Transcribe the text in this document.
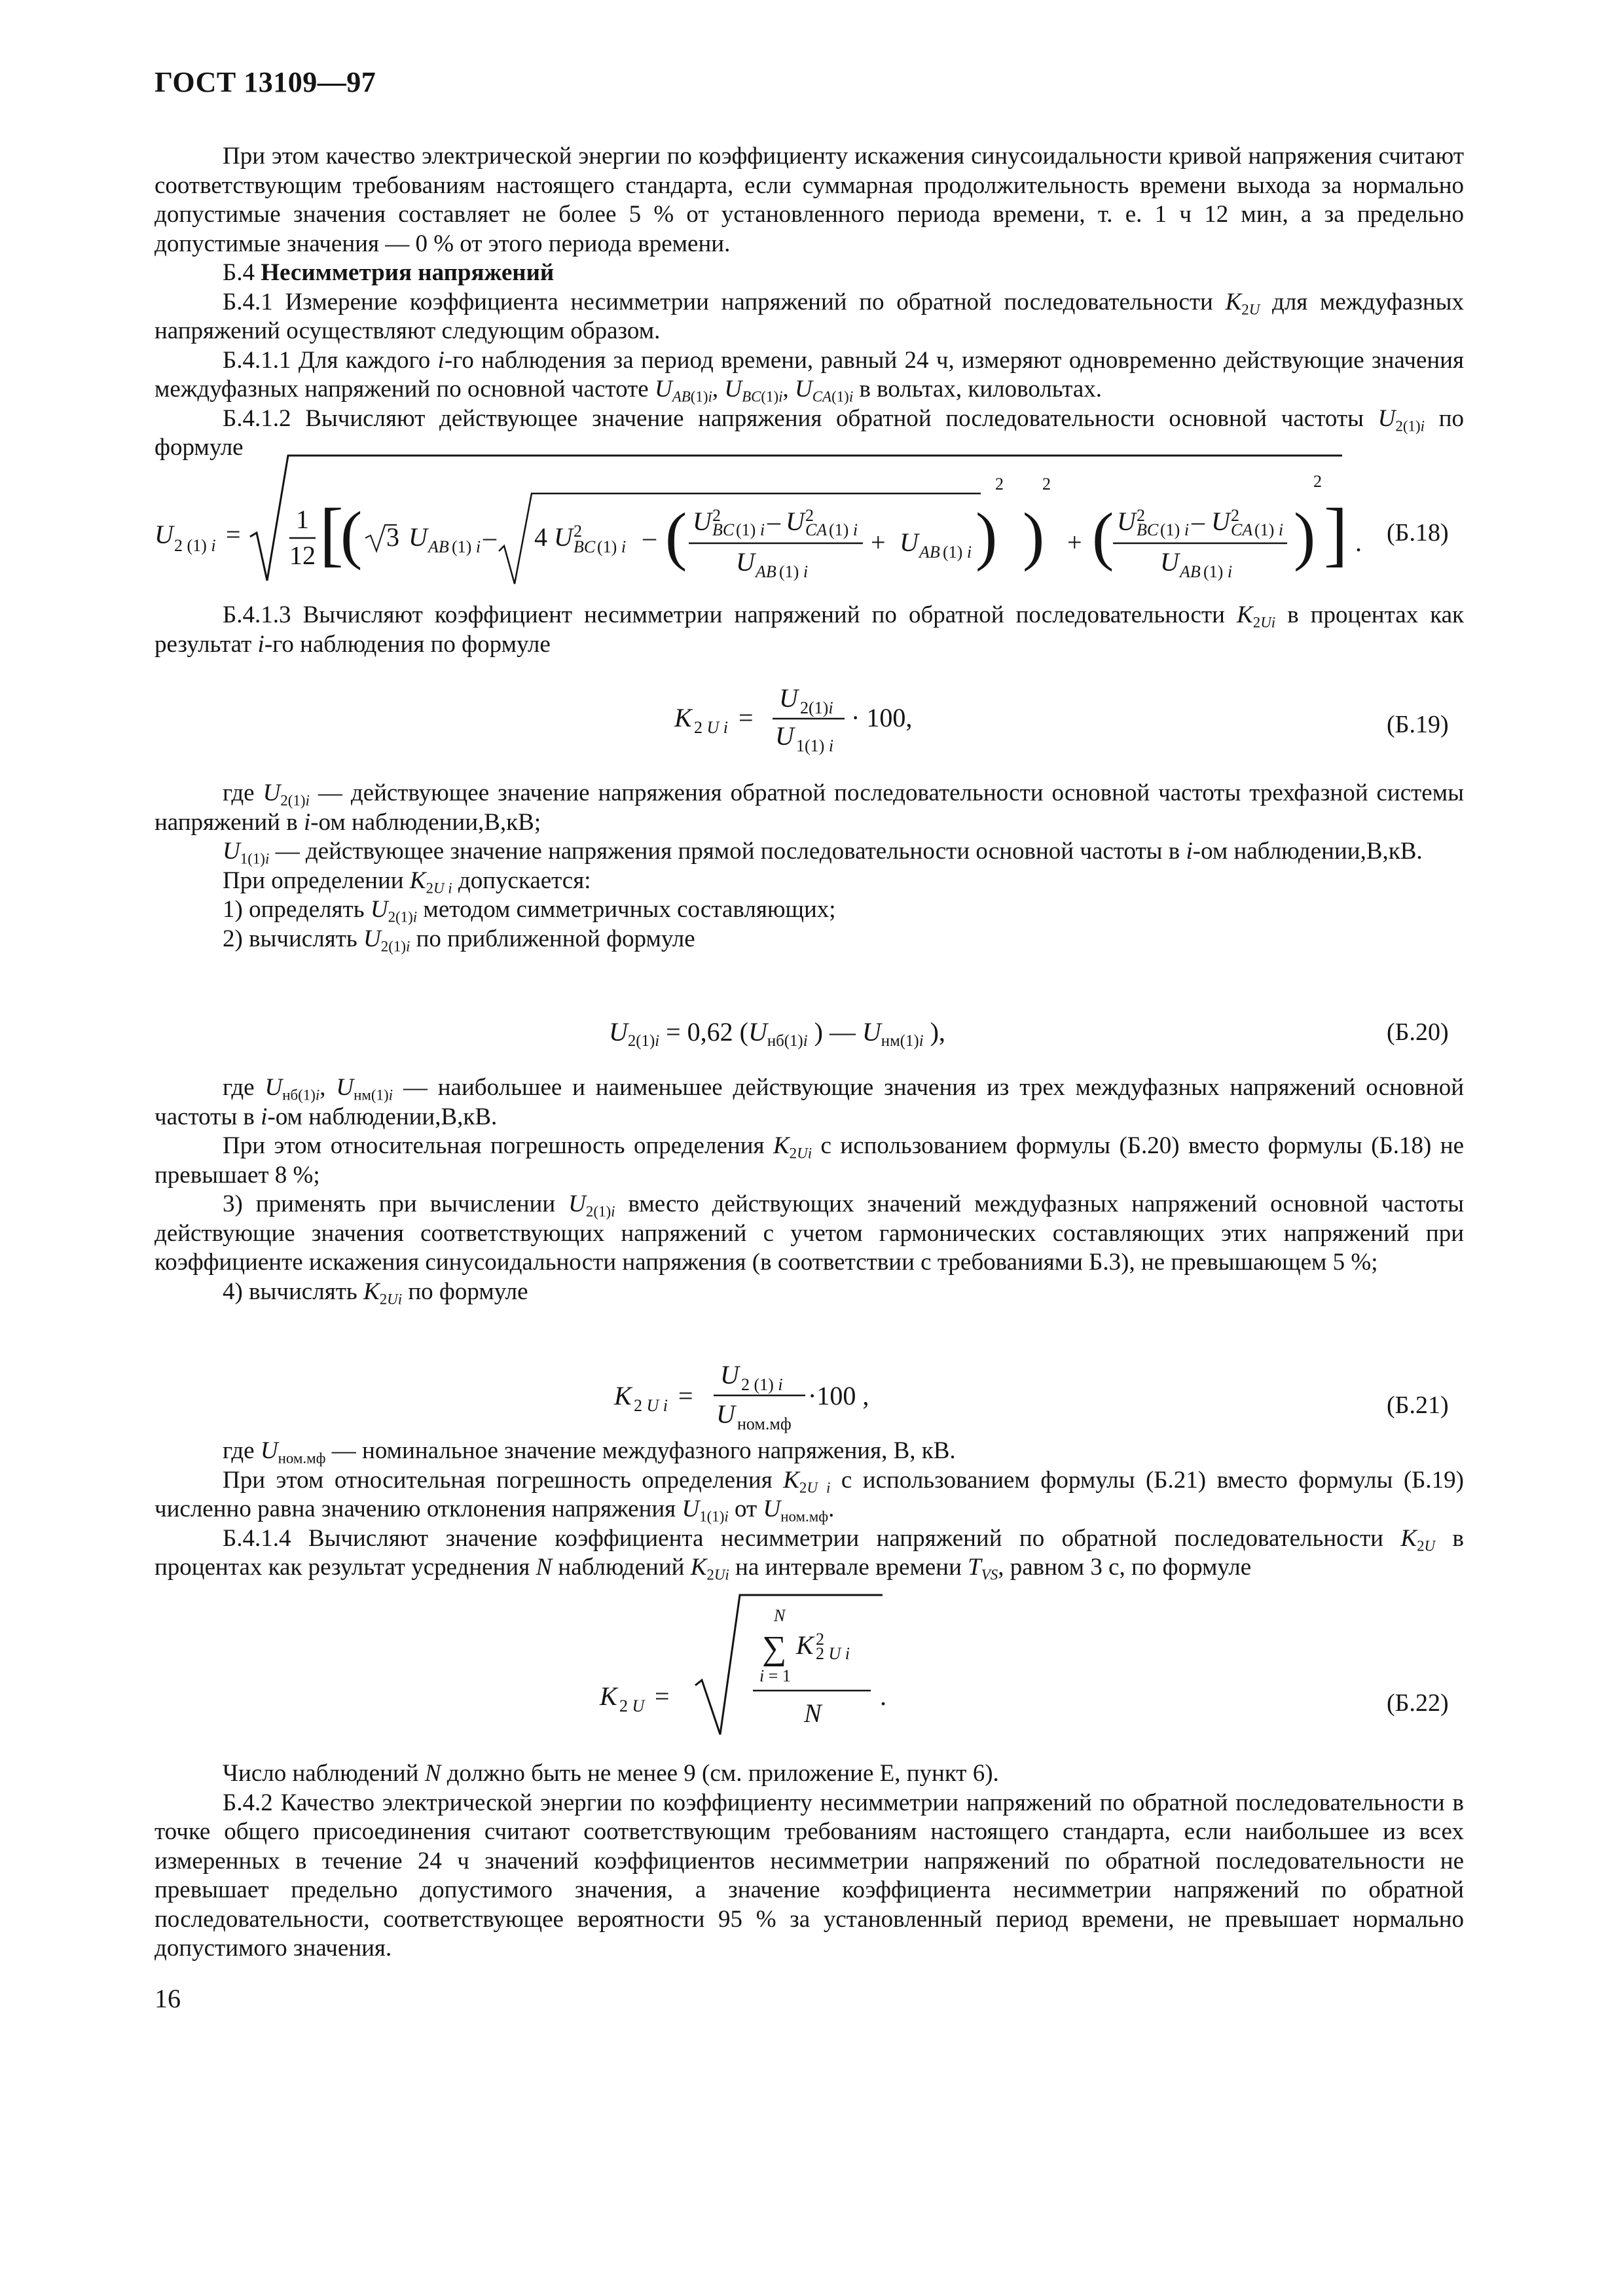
ГОСТ 13109—97

При этом качество электрической энергии по коэффициенту искажения синусоидальности кривой напряжения считают соответствующим требованиям настоящего стандарта, если суммарная продолжительность времени выхода за нормально допустимые значения составляет не более 5 % от установленного периода времени, т. е. 1 ч 12 мин, а за предельно допустимые значения — 0 % от этого периода времени.

Б.4 Несимметрия напряжений

Б.4.1 Измерение коэффициента несимметрии напряжений по обратной последовательности $K_{2U}$ для междуфазных напряжений осуществляют следующим образом.

Б.4.1.1 Для каждого i-го наблюдения за период времени, равный 24 ч, измеряют одновременно действующие значения междуфазных напряжений по основной частоте $U_{AB(1)i}$, $U_{BC(1)i}$, $U_{CA(1)i}$ в вольтах, киловольтах.

Б.4.1.2 Вычисляют действующее значение напряжения обратной последовательности основной частоты $U_{2(1)i}$ по формуле

U 2 (1) i =
1
12 [
( 3 U AB (1) i – 4 U 2
BC (1) i – ( U 2
BC (1) i – U 2
CA (1) i
U AB (1) i
+ U AB (1) i )
2
)
2
+ ( U 2
BC (1) i – U 2
CA (1) i
U AB (1) i )
2
] . (Б.18)

Б.4.1.3 Вычисляют коэффициент несимметрии напряжений по обратной последовательности $K_{2Ui}$ в процентах как результат i-го наблюдения по формуле

K 2 U i =
U 2(1)i
U 1(1) i
· 100,	(Б.19)

где $U_{2(1)i}$ — действующее значение напряжения обратной последовательности основной частоты трехфазной системы напряжений в i-ом наблюдении,В,кВ;

$U_{1(1)i}$ — действующее значение напряжения прямой последовательности основной частоты в i-ом наблюдении,В,кВ.

При определении $K_{2U i}$ допускается:

1) определять $U_{2(1)i}$ методом симметричных составляющих;

2) вычислять $U_{2(1)i}$ по приближенной формуле

$U_{2(1)i} = 0,62$ ($U_{нб(1)i}$ ) — $U_{нм(1)i}$ ),	(Б.20)

где $U_{нб(1)i}$, $U_{нм(1)i}$ — наибольшее и наименьшее действующие значения из трех междуфазных напряжений основной частоты в i-ом наблюдении,В,кВ.

При этом относительная погрешность определения $K_{2Ui}$ с использованием формулы (Б.20) вместо формулы (Б.18) не превышает 8 %;

3) применять при вычислении $U_{2(1)i}$ вместо действующих значений междуфазных напряжений основной частоты действующие значения соответствующих напряжений с учетом гармонических составляющих этих напряжений при коэффициенте искажения синусоидальности напряжения (в соответствии с требованиями Б.3), не превышающем 5 %;

4) вычислять $K_{2Ui}$ по формуле

K 2 U i =
U 2 (1) i
U ном.мф
·100 ,	(Б.21)

где $U_{ном.мф}$ — номинальное значение междуфазного напряжения, В, кВ.

При этом относительная погрешность определения $K_{2U i}$ с использованием формулы (Б.21) вместо формулы (Б.19) численно равна значению отклонения напряжения $U_{1(1)i}$ от $U_{ном.мф}$.

Б.4.1.4 Вычисляют значение коэффициента несимметрии напряжений по обратной последовательности $K_{2U}$ в процентах как результат усреднения N наблюдений $K_{2Ui}$ на интервале времени $T_{VS}$, равном 3 с, по формуле

K 2 U =
N
∑ K 2
2 U i
i = 1
N
.	(Б.22)

Число наблюдений N должно быть не менее 9 (см. приложение Е, пункт 6).

Б.4.2 Качество электрической энергии по коэффициенту несимметрии напряжений по обратной последовательности в точке общего присоединения считают соответствующим требованиям настоящего стандарта, если наибольшее из всех измеренных в течение 24 ч значений коэффициентов несимметрии напряжений по обратной последовательности не превышает предельно допустимого значения, а значение коэффициента несимметрии напряжений по обратной последовательности, соответствующее вероятности 95 % за установленный период времени, не превышает нормально допустимого значения.

16
